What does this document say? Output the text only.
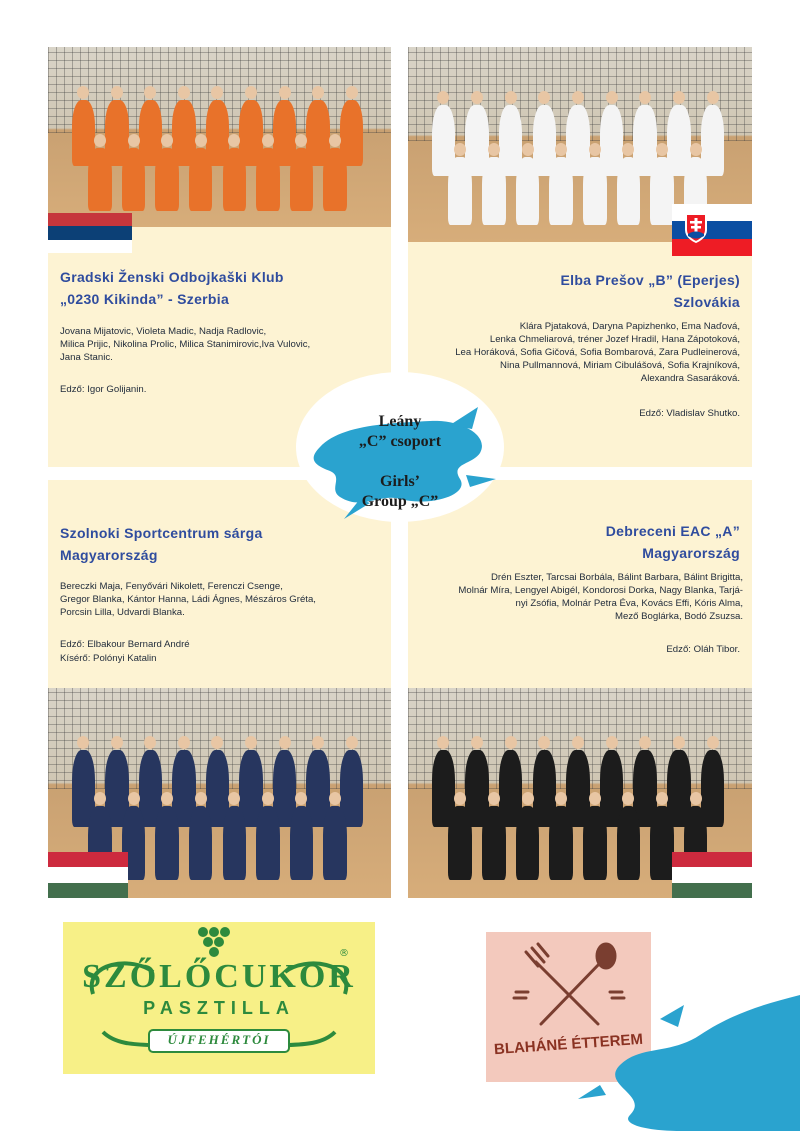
Gradski Ženski Odbojkaški Klub
„0230 Kikinda” - Szerbia
Jovana Mijatovic, Violeta Madic, Nadja Radlovic,
Milica Prijic, Nikolina Prolic, Milica Stanimirovic,Iva Vulovic,
Jana Stanic.
Edző: Igor Golijanin.
Elba Prešov „B” (Eperjes)
Szlovákia
Klára Pjataková, Daryna Papizhenko, Ema Naďová,
Lenka Chmeliarová, tréner Jozef Hradil, Hana Zápotoková,
Lea Horáková, Sofia Gičová, Sofia Bombarová, Zara Pudleinerová,
Nina Pullmannová, Miriam Cibulášová, Sofia Krajníková,
Alexandra Sasaráková.
Edző: Vladislav Shutko.
Szolnoki Sportcentrum sárga
Magyarország
Bereczki Maja, Fenyővári Nikolett, Ferenczi Csenge,
Gregor Blanka, Kántor Hanna, Ládi Ágnes, Mészáros Gréta,
Porcsin Lilla, Udvardi Blanka.
Edző: Elbakour Bernard André
Kísérő: Polónyi Katalin
Debreceni EAC „A”
Magyarország
Drén Eszter, Tarcsai Borbála, Bálint Barbara, Bálint Brigitta,
Molnár Míra, Lengyel Abigél, Kondorosi Dorka, Nagy Blanka, Tarjá-
nyi Zsófia, Molnár Petra Éva, Kovács Effi, Kóris Alma,
Mező Boglárka, Bodó Zsuzsa.
Edző: Oláh Tibor.
Leány
„C” csoport
Girls’
Group „C”
SZŐLŐCUKOR
PASZTILLA
ÚJFEHÉRTÓI
®
BLAHÁNÉ ÉTTEREM
